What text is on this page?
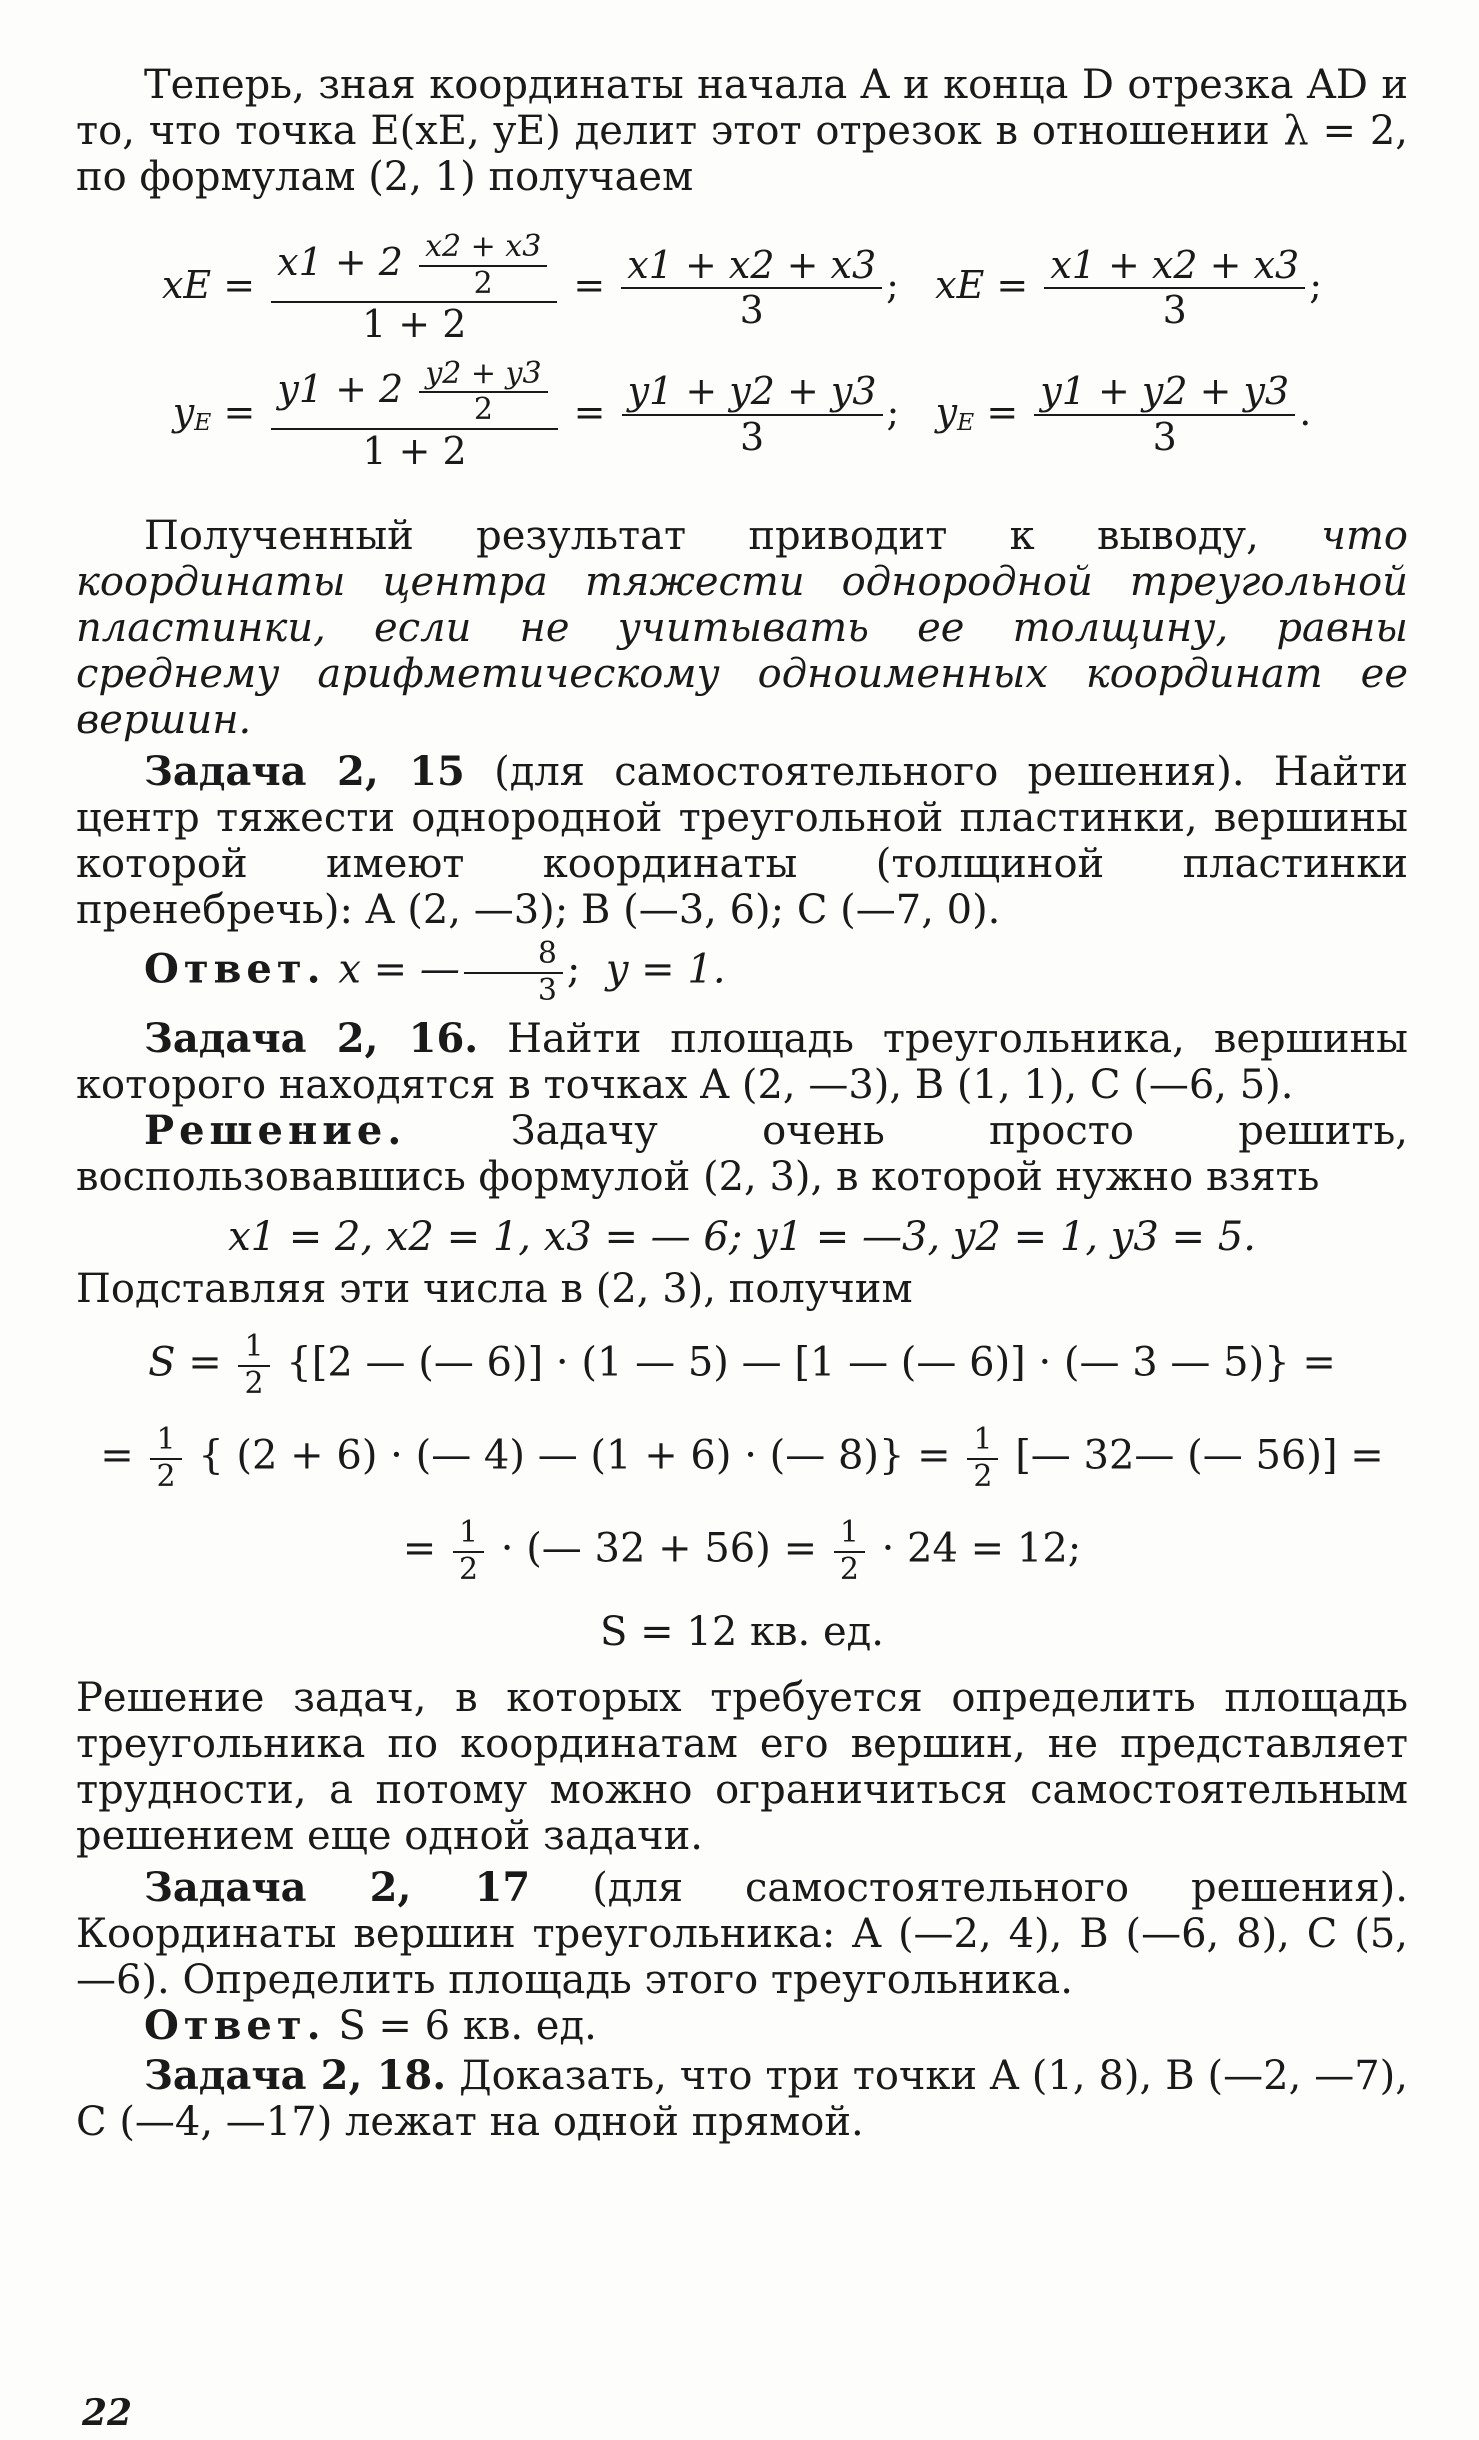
Теперь, зная координаты начала A и конца D отрезка AD и то, что точка E(xE, yE) делит этот отрезок в отношении λ = 2, по формулам (2, 1) получаем

xE = $\frac{x1 + 2 \frac{x2 + x3}{2}}{1 + 2} = \frac{x1 + x2 + x3}{3}$ ;   xE = $\frac{x1 + x2 + x3}{3}$ ;
$y_E = \frac{y1 + 2 \frac{y2 + y3}{2}}{1 + 2} = \frac{y1 + y2 + y3}{3}$ ;   $y_E = \frac{y1 + y2 + y3}{3}$ .

Полученный результат приводит к выводу, что координаты центра тяжести однородной треугольной пластинки, если не учитывать ее толщину, равны среднему арифметическому одноименных координат ее вершин.

Задача 2, 15 (для самостоятельного решения). Найти центр тяжести однородной треугольной пластинки, вершины которой имеют координаты (толщиной пластинки пренебречь): A (2, —3); B (—3, 6); C (—7, 0).

Ответ. x = — $\frac{8}{3}$ ;  y = 1.

Задача 2, 16. Найти площадь треугольника, вершины которого находятся в точках A (2, —3), B (1, 1), C (—6, 5).

Решение.	Задачу очень просто решить, воспользовавшись формулой (2, 3), в которой нужно взять

x1 = 2, x2 = 1, x3 = — 6; y1 = —3, y2 = 1, y3 = 5.

Подставляя эти числа в (2, 3), получим

$S = \frac{1}{2} \{[2$ — (— 6)] · (1 — 5) — [1 — (— 6)] · (— 3 — 5)} =
= $\frac{1}{2}$ { (2 + 6) · (— 4) — (1 + 6) · (— $8)\} = \frac{1}{2}$ [— 32— (— 56)] =
= $\frac{1}{2}$ · (— $32 + 56) = \frac{1}{2} \cdot 24 = 12$;
S = 12 кв. ед.

Решение задач, в которых требуется определить площадь треугольника по координатам его вершин, не представляет трудности, а потому можно ограничиться самостоятельным решением еще одной задачи.

Задача 2, 17 (для самостоятельного решения). Координаты вершин треугольника: A (—2, 4), B (—6, 8), C (5, —6). Определить площадь этого треугольника.

Ответ. S = 6 кв. ед.

Задача 2, 18. Доказать, что три точки A (1, 8), B (—2, —7), C (—4, —17) лежат на одной прямой.

22
